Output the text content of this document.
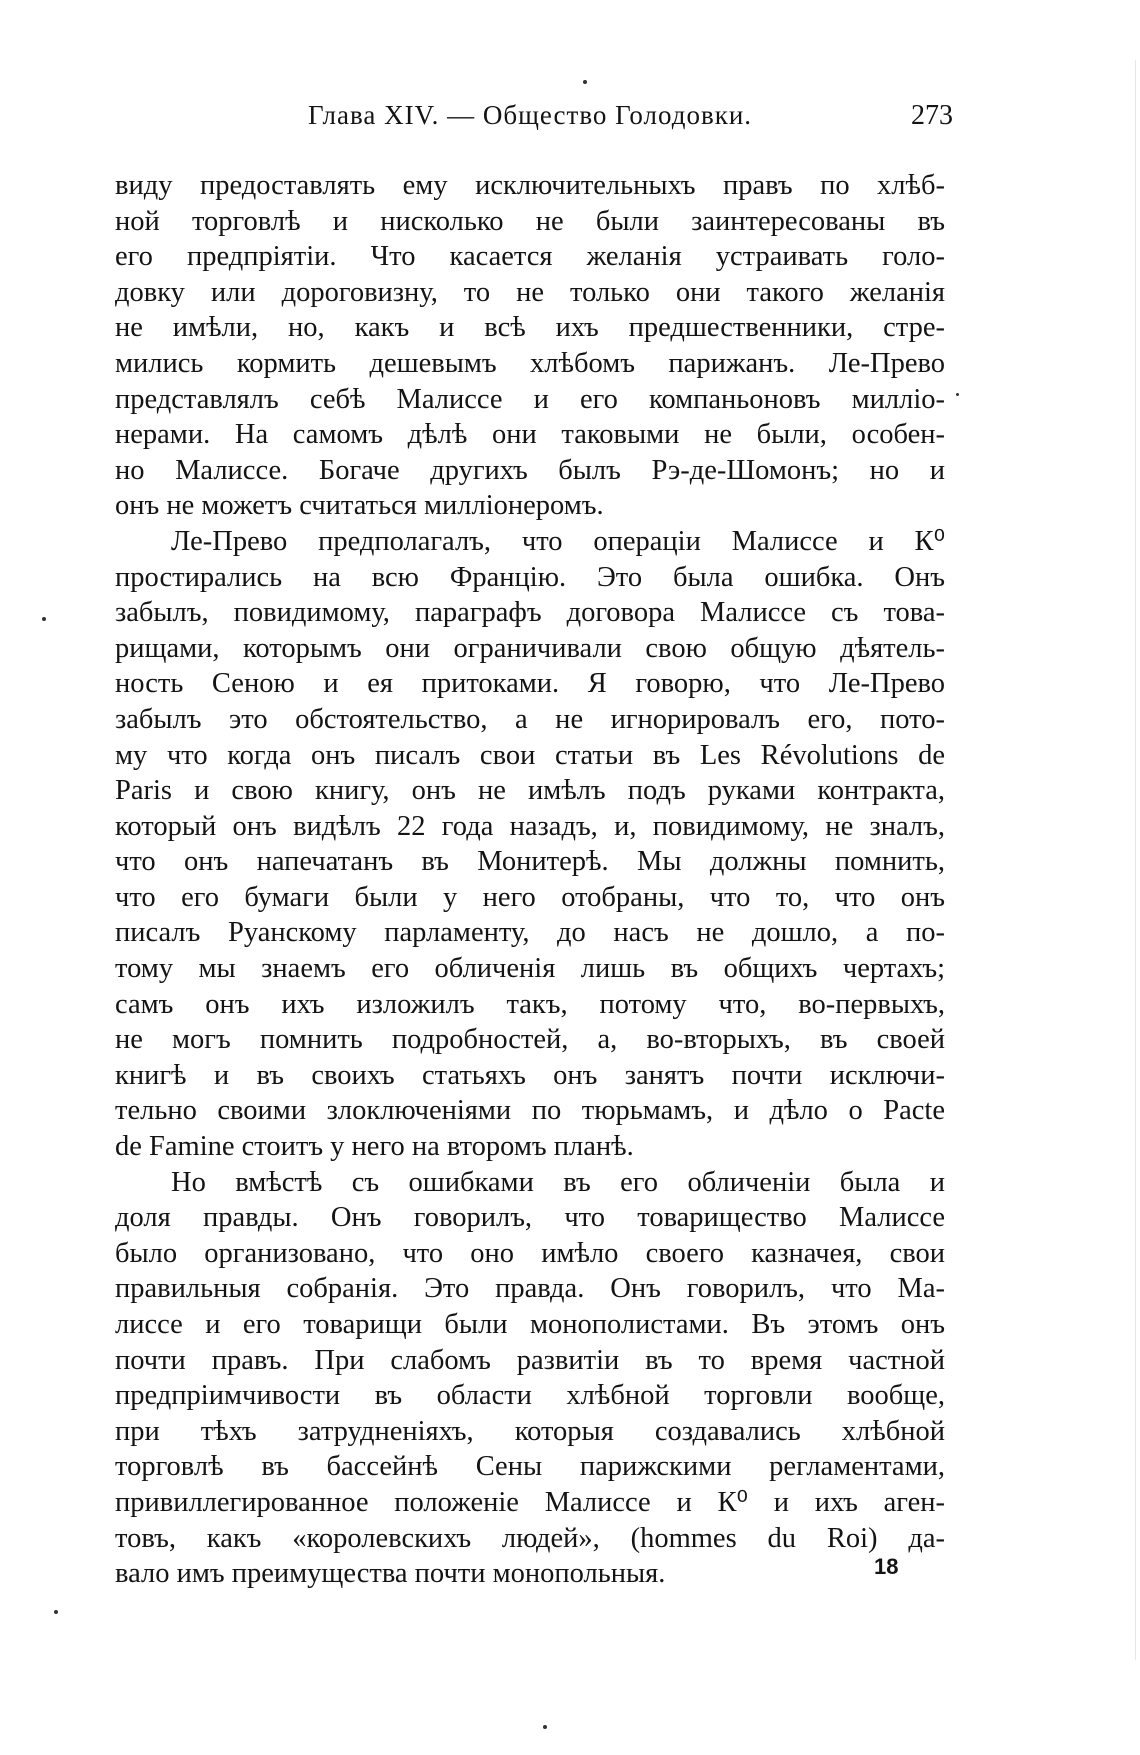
Глава XIV. — Общество Голодовки.	273
виду предоставлять ему исключительныхъ правъ по хлѣб-
ной торговлѣ и нисколько не были заинтересованы въ
его предпріятіи. Что касается желанія устраивать голо-
довку или дороговизну, то не только они такого желанія
не имѣли, но, какъ и всѣ ихъ предшественники, стре-
мились кормить дешевымъ хлѣбомъ парижанъ. Ле-Прево
представлялъ себѣ Малиссе и его компаньоновъ милліо-
нерами. На самомъ дѣлѣ они таковыми не были, особен-
но Малиссе. Богаче другихъ былъ Рэ-де-Шомонъ; но и
онъ не можетъ считаться милліонеромъ.
Ле-Прево предполагалъ, что операціи Малиссе и К⁰
простирались на всю Францію. Это была ошибка. Онъ
забылъ, повидимому, параграфъ договора Малиссе съ това-
рищами, которымъ они ограничивали свою общую дѣятель-
ность Сеною и ея притоками. Я говорю, что Ле-Прево
забылъ это обстоятельство, а не игнорировалъ его, пото-
му что когда онъ писалъ свои статьи въ Les Révolutions de
Paris и свою книгу, онъ не имѣлъ подъ руками контракта,
который онъ видѣлъ 22 года назадъ, и, повидимому, не зналъ,
что онъ напечатанъ въ Монитерѣ. Мы должны помнить,
что его бумаги были у него отобраны, что то, что онъ
писалъ Руанскому парламенту, до насъ не дошло, а по-
тому мы знаемъ его обличенія лишь въ общихъ чертахъ;
самъ онъ ихъ изложилъ такъ, потому что, во-первыхъ,
не могъ помнить подробностей, а, во-вторыхъ, въ своей
книгѣ и въ своихъ статьяхъ онъ занятъ почти исключи-
тельно своими злоключеніями по тюрьмамъ, и дѣло о Pacte
de Famine стоитъ у него на второмъ планѣ.
Но вмѣстѣ съ ошибками въ его обличеніи была и
доля правды. Онъ говорилъ, что товарищество Малиссе
было организовано, что оно имѣло своего казначея, свои
правильныя собранія. Это правда. Онъ говорилъ, что Ма-
лиссе и его товарищи были монополистами. Въ этомъ онъ
почти правъ. При слабомъ развитіи въ то время частной
предпріимчивости въ области хлѣбной торговли вообще,
при тѣхъ затрудненіяхъ, которыя создавались хлѣбной
торговлѣ въ бассейнѣ Сены парижскими регламентами,
привиллегированное положеніе Малиссе и К⁰ и ихъ аген-
товъ, какъ «королевскихъ людей», (hommes du Roi) да-
вало имъ преимущества почти монопольныя.	18
